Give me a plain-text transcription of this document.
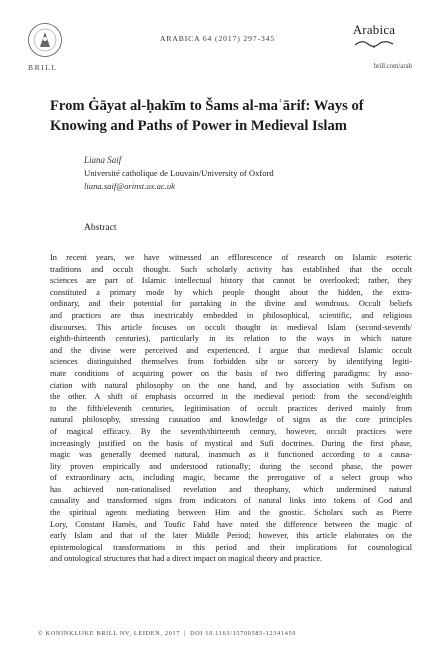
BRILL
ARABICA 64 (2017) 297-345
Arabica
brill.com/arab
From Ġāyat al-ḥakīm to Šams al-maʿārif: Ways of Knowing and Paths of Power in Medieval Islam
Liana Saif
Université catholique de Louvain/University of Oxford
liana.saif@orinst.ox.ac.uk
Abstract
In recent years, we have witnessed an efflorescence of research on Islamic esoteric
traditions and occult thought. Such scholarly activity has established that the occult
sciences are part of Islamic intellectual history that cannot be overlooked; rather, they
constituted a primary mode by which people thought about the hidden, the extra-
ordinary, and their potential for partaking in the divine and wondrous. Occult beliefs
and practices are thus inextricably embedded in philosophical, scientific, and religious
discourses. This article focuses on occult thought in medieval Islam (second-seventh/
eighth-thirteenth centuries), particularly in its relation to the ways in which nature
and the divine were perceived and experienced. I argue that medieval Islamic occult
sciences distinguished themselves from forbidden siḥr or sorcery by identifying legiti-
mate conditions of acquiring power on the basis of two differing paradigms: by asso-
ciation with natural philosophy on the one hand, and by association with Sufism on
the other. A shift of emphasis occurred in the medieval period: from the second/eighth
to the fifth/eleventh centuries, legitimisation of occult practices derived mainly from
natural philosophy, stressing causation and knowledge of signs as the core principles
of magical efficacy. By the seventh/thirteenth century, however, occult practices were
increasingly justified on the basis of mystical and Sufi doctrines. During the first phase,
magic was generally deemed natural, inasmuch as it functioned according to a causa-
lity proven empirically and understood rationally; during the second phase, the power
of extraordinary acts, including magic, became the prerogative of a select group who
has achieved non-rationalised revelation and theophany, which undermined natural
causality and transformed signs from indicators of natural links into tokens of God and
the spiritual agents mediating between Him and the gnostic. Scholars such as Pierre
Lory, Constant Hamès, and Toufic Fahd have noted the difference between the magic of
early Islam and that of the later Middle Period; however, this article elaborates on the
epistemological transformations in this period and their implications for cosmological
and ontological structures that had a direct impact on magical theory and practice.
© KONINKLIJKE BRILL NV, LEIDEN, 2017 | DOI 10.1163/15700585-12341459
